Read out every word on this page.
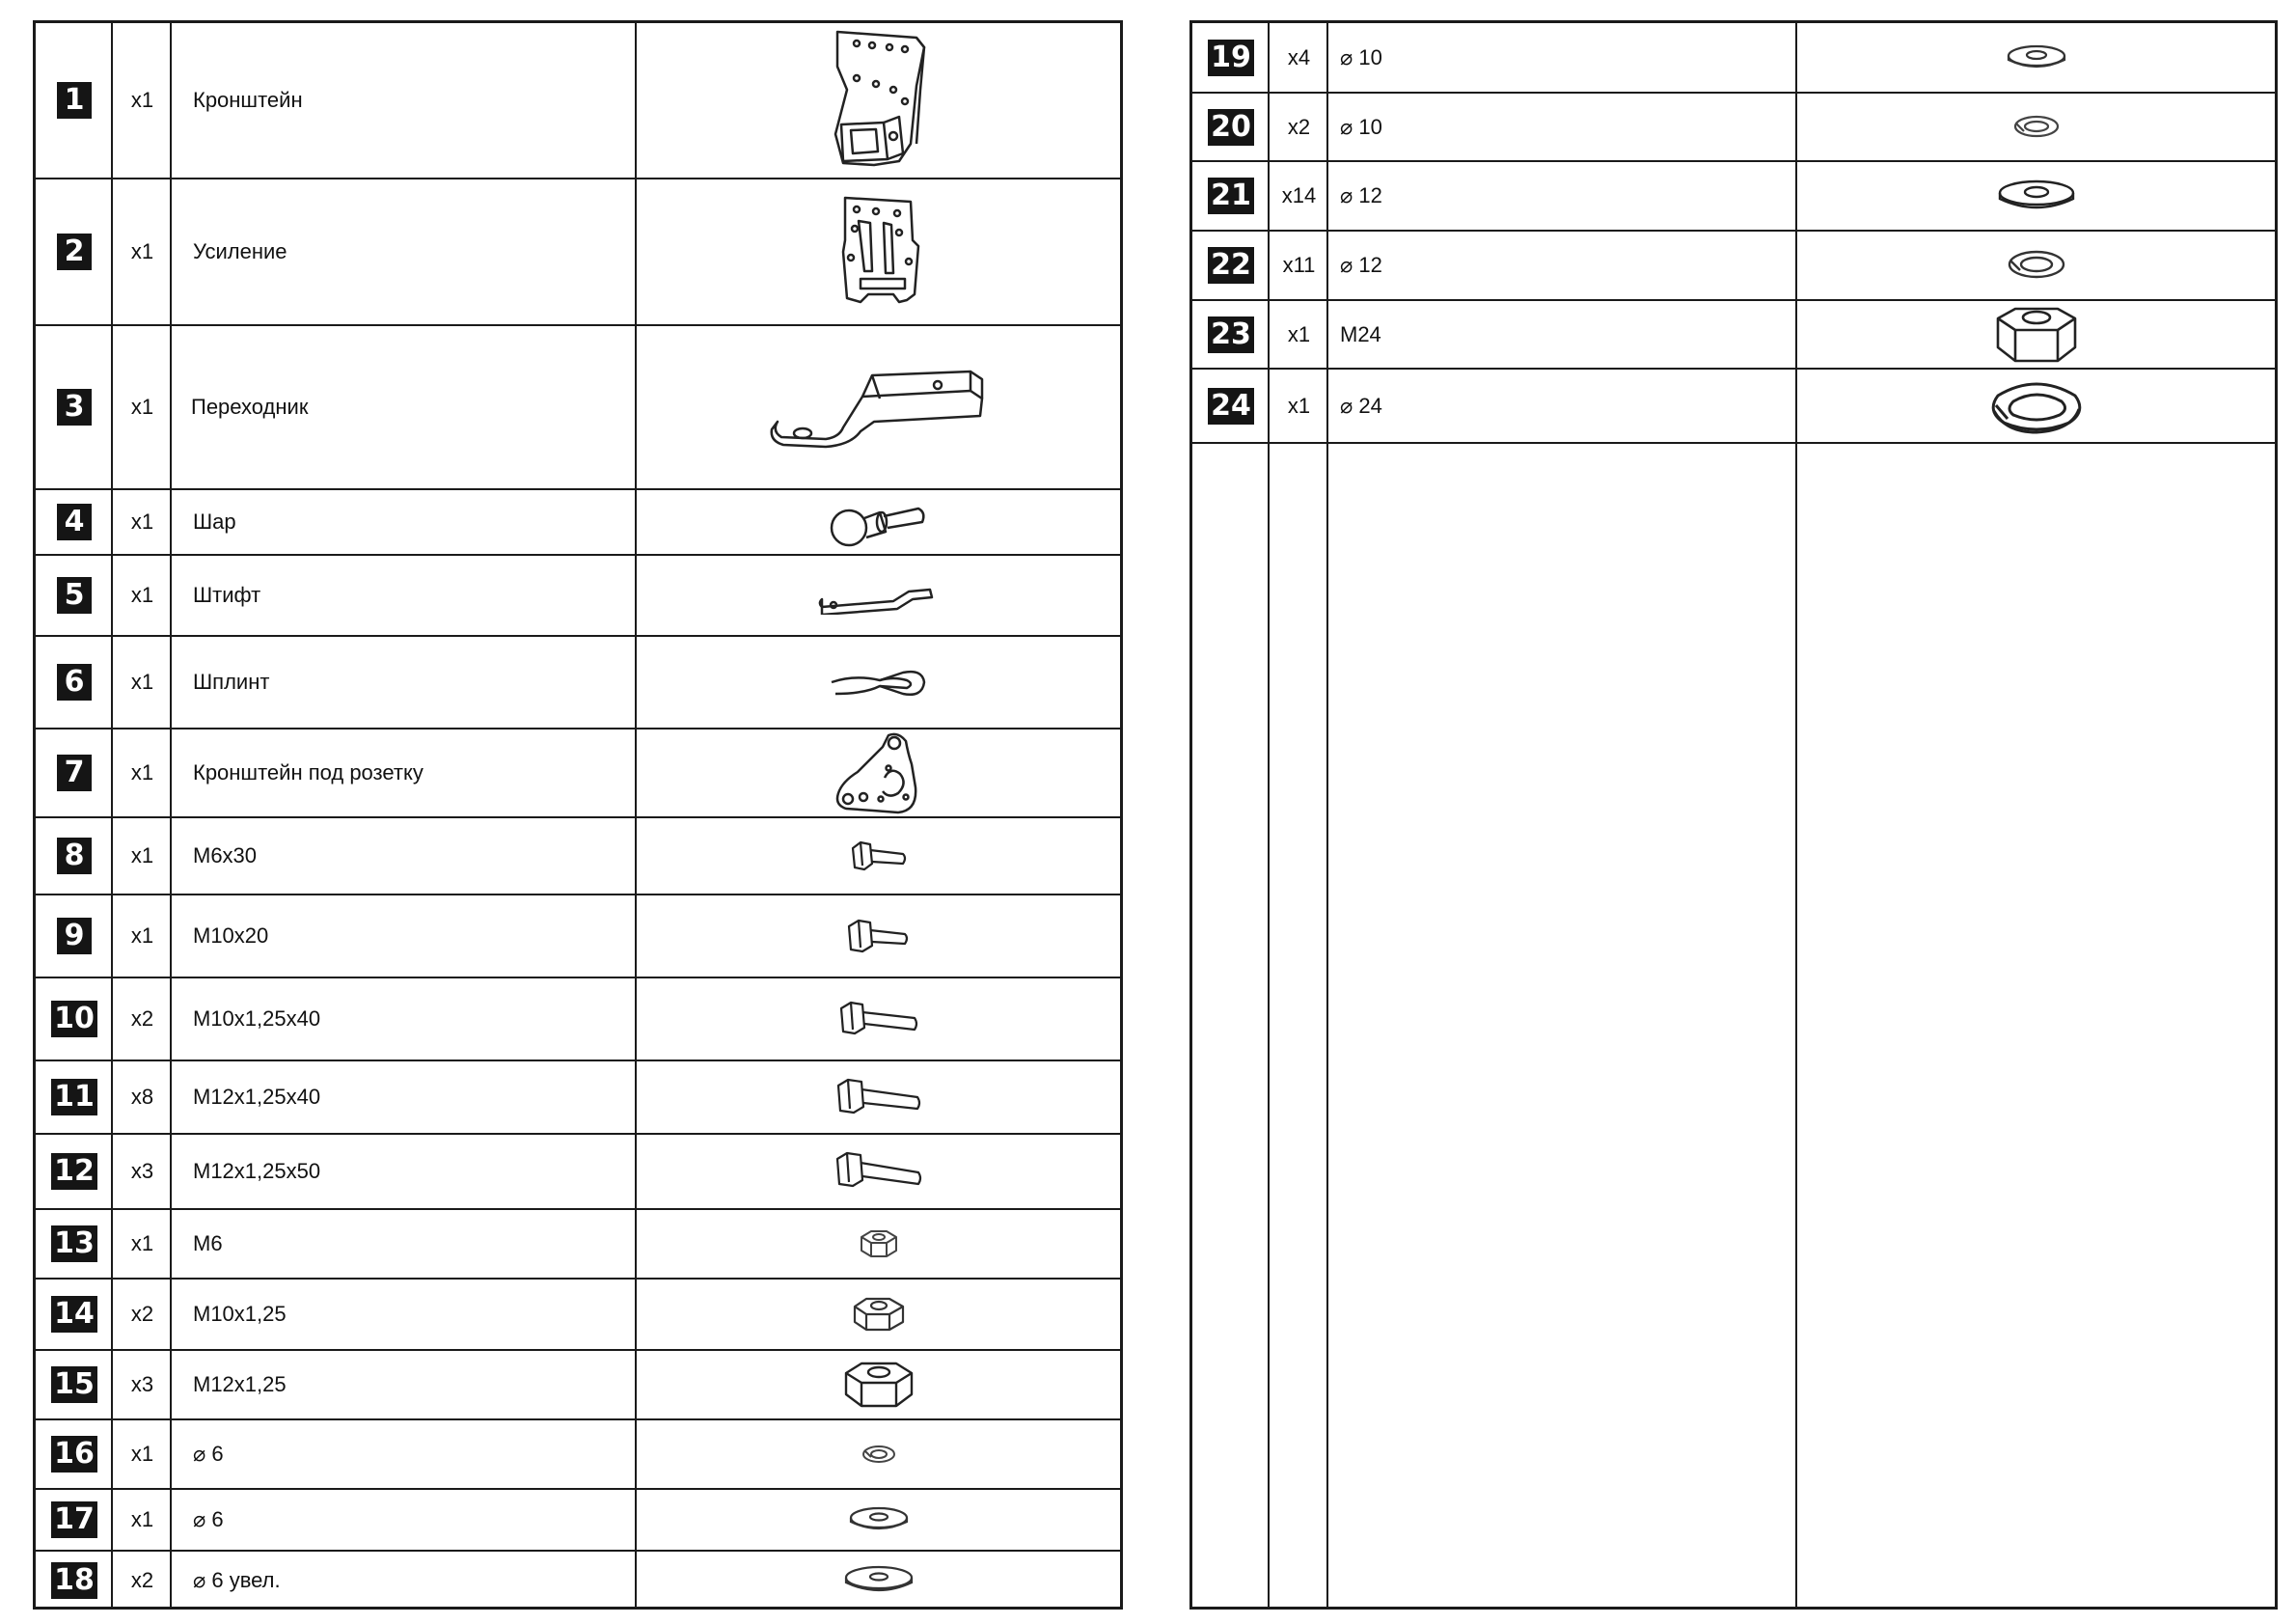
1	x1	Кронштейн
2	x1	Усиление
3	x1	Переходник
4	x1	Шар
5	x1	Штифт
6	x1	Шплинт
7	x1	Кронштейн под розетку
8	x1	M6x30
9	x1	M10x20
10	x2	M10x1,25x40
11	x8	M12x1,25x40
12	x3	M12x1,25x50
13	x1	M6
14	x2	M10x1,25
15	x3	M12x1,25
16	x1	⌀ 6
17	x1	⌀ 6
18	x2	⌀ 6 увел.
19	x4	⌀ 10
20	x2	⌀ 10
21	x14	⌀ 12
22	x11	⌀ 12
23	x1	M24
24	x1	⌀ 24
